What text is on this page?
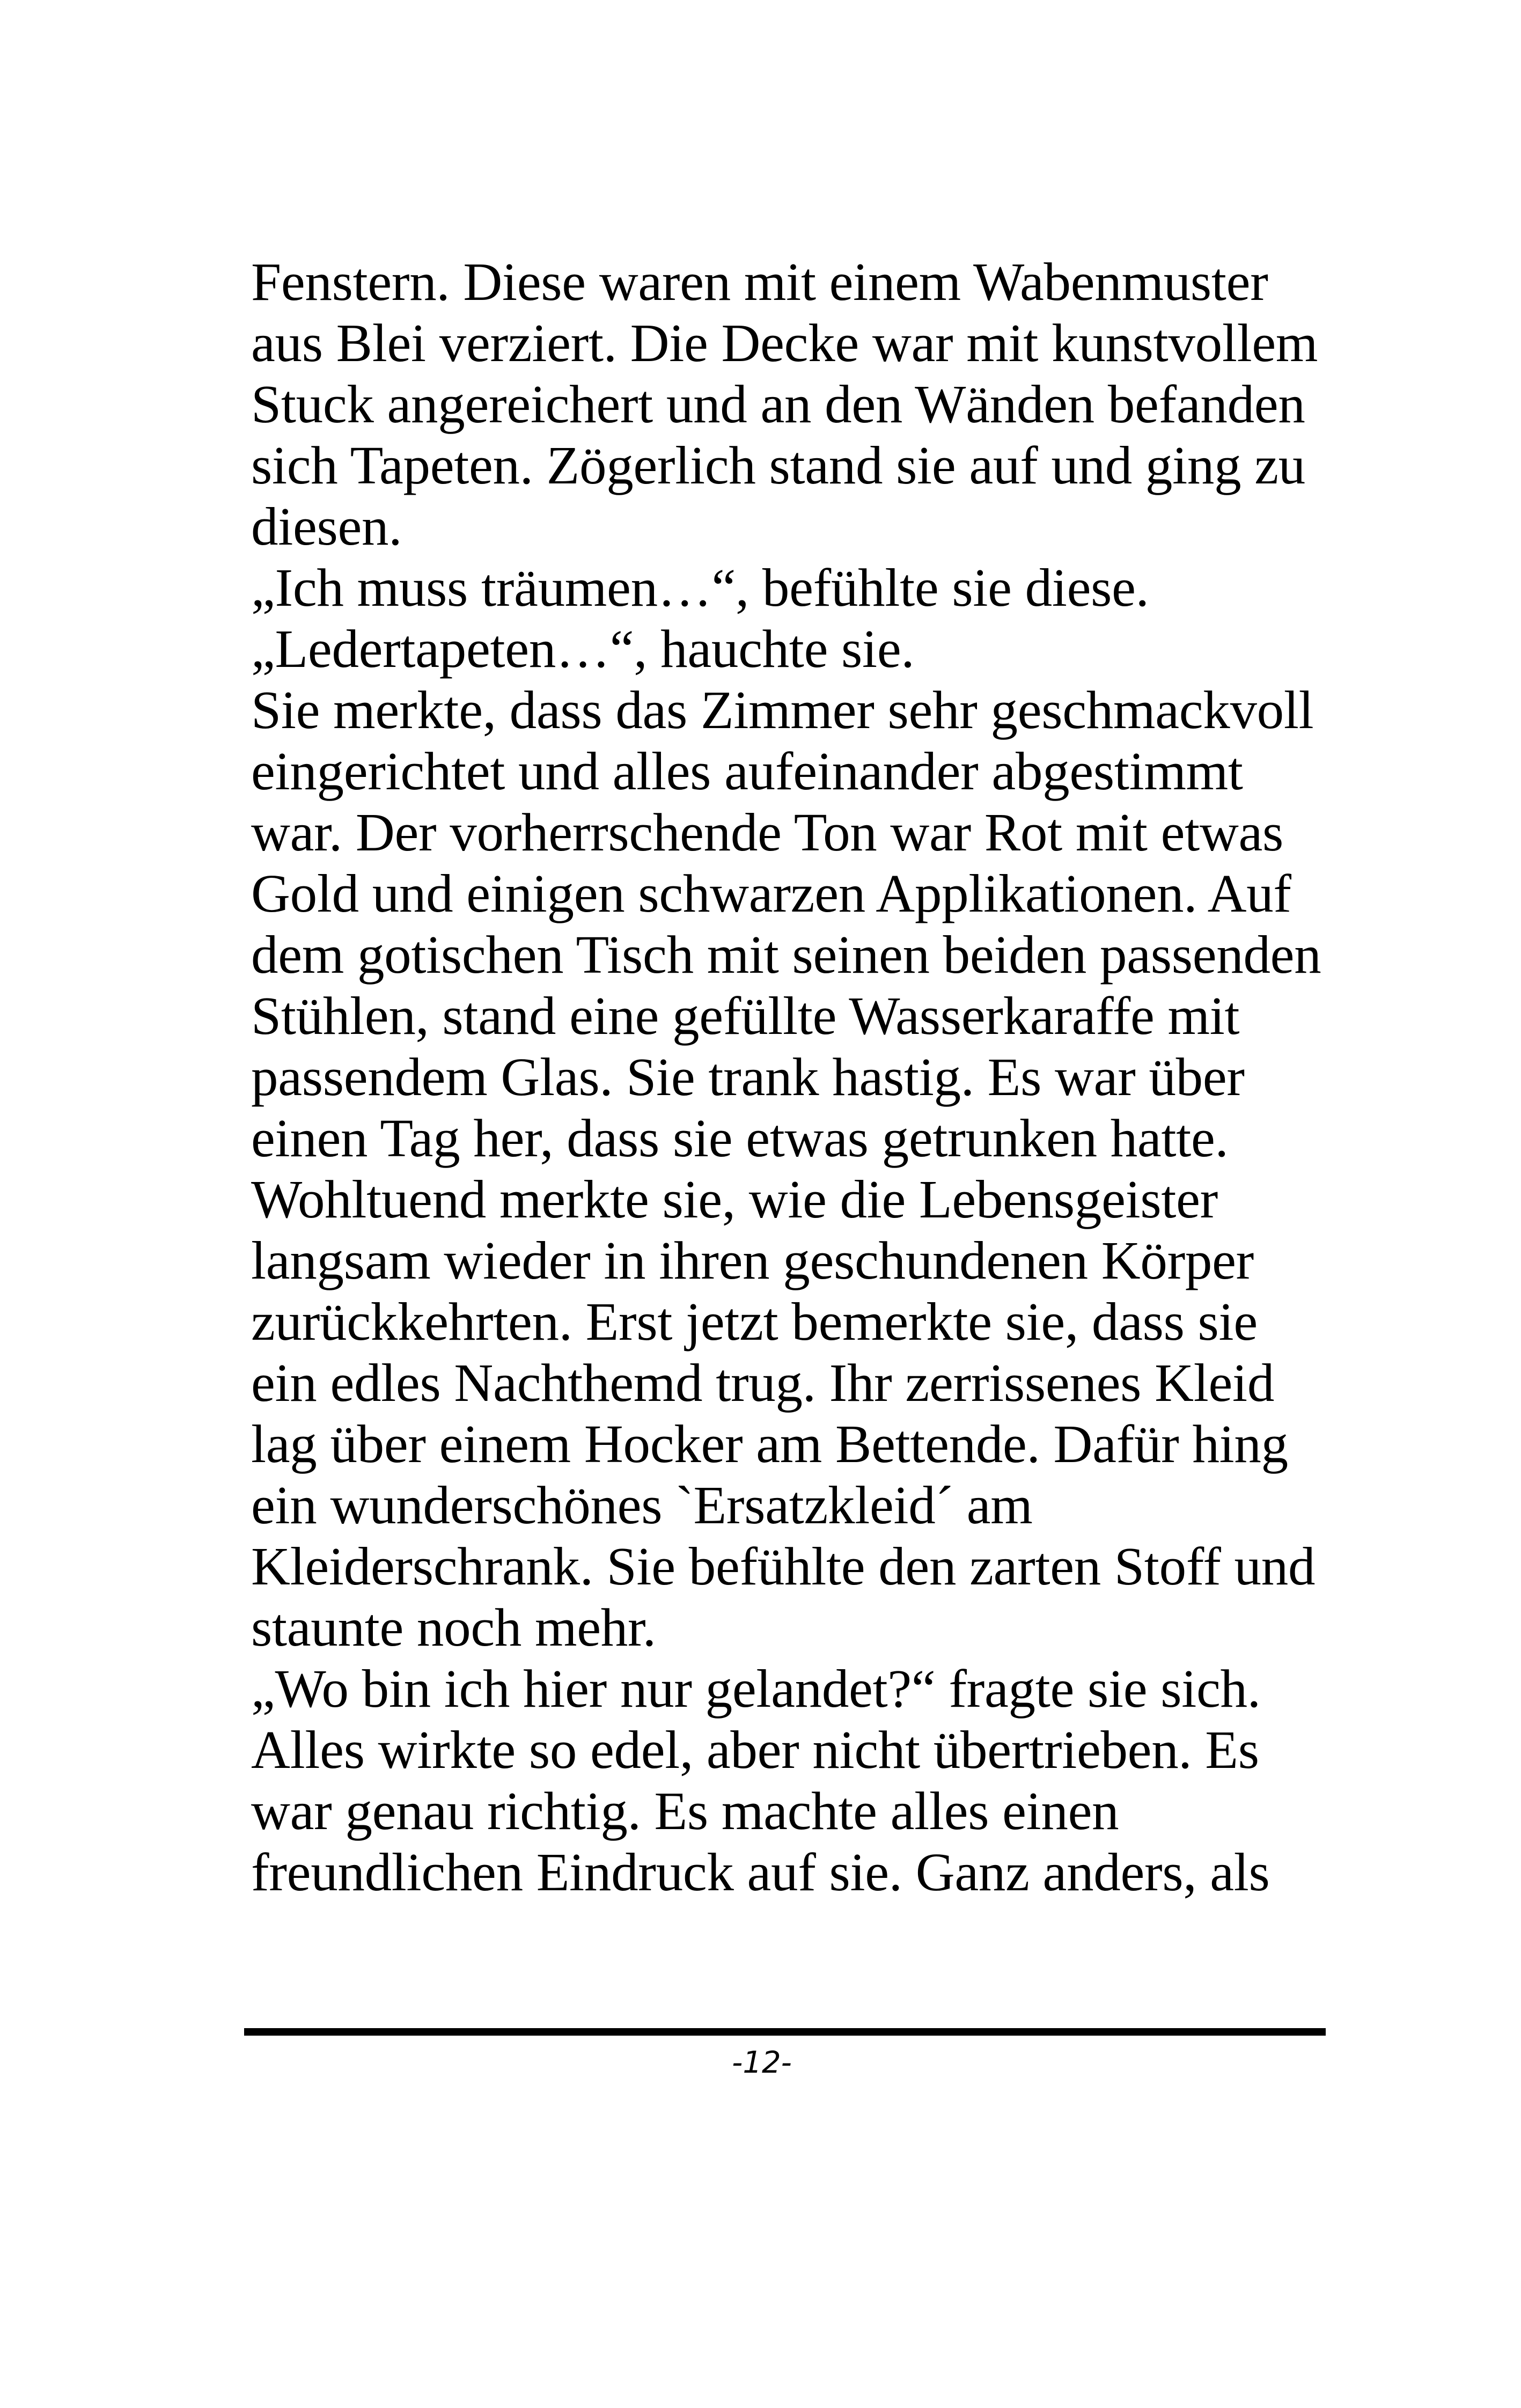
Fenstern. Diese waren mit einem Wabenmuster
aus Blei verziert. Die Decke war mit kunstvollem
Stuck angereichert und an den Wänden befanden
sich Tapeten. Zögerlich stand sie auf und ging zu
diesen.
„Ich muss träumen…“, befühlte sie diese.
„Ledertapeten…“, hauchte sie.
Sie merkte, dass das Zimmer sehr geschmackvoll
eingerichtet und alles aufeinander abgestimmt
war. Der vorherrschende Ton war Rot mit etwas
Gold und einigen schwarzen Applikationen. Auf
dem gotischen Tisch mit seinen beiden passenden
Stühlen, stand eine gefüllte Wasserkaraffe mit
passendem Glas. Sie trank hastig. Es war über
einen Tag her, dass sie etwas getrunken hatte.
Wohltuend merkte sie, wie die Lebensgeister
langsam wieder in ihren geschundenen Körper
zurückkehrten. Erst jetzt bemerkte sie, dass sie
ein edles Nachthemd trug. Ihr zerrissenes Kleid
lag über einem Hocker am Bettende. Dafür hing
ein wunderschönes `Ersatzkleid´ am
Kleiderschrank. Sie befühlte den zarten Stoff und
staunte noch mehr.
„Wo bin ich hier nur gelandet?“ fragte sie sich.
Alles wirkte so edel, aber nicht übertrieben. Es
war genau richtig. Es machte alles einen
freundlichen Eindruck auf sie. Ganz anders, als
-12-
